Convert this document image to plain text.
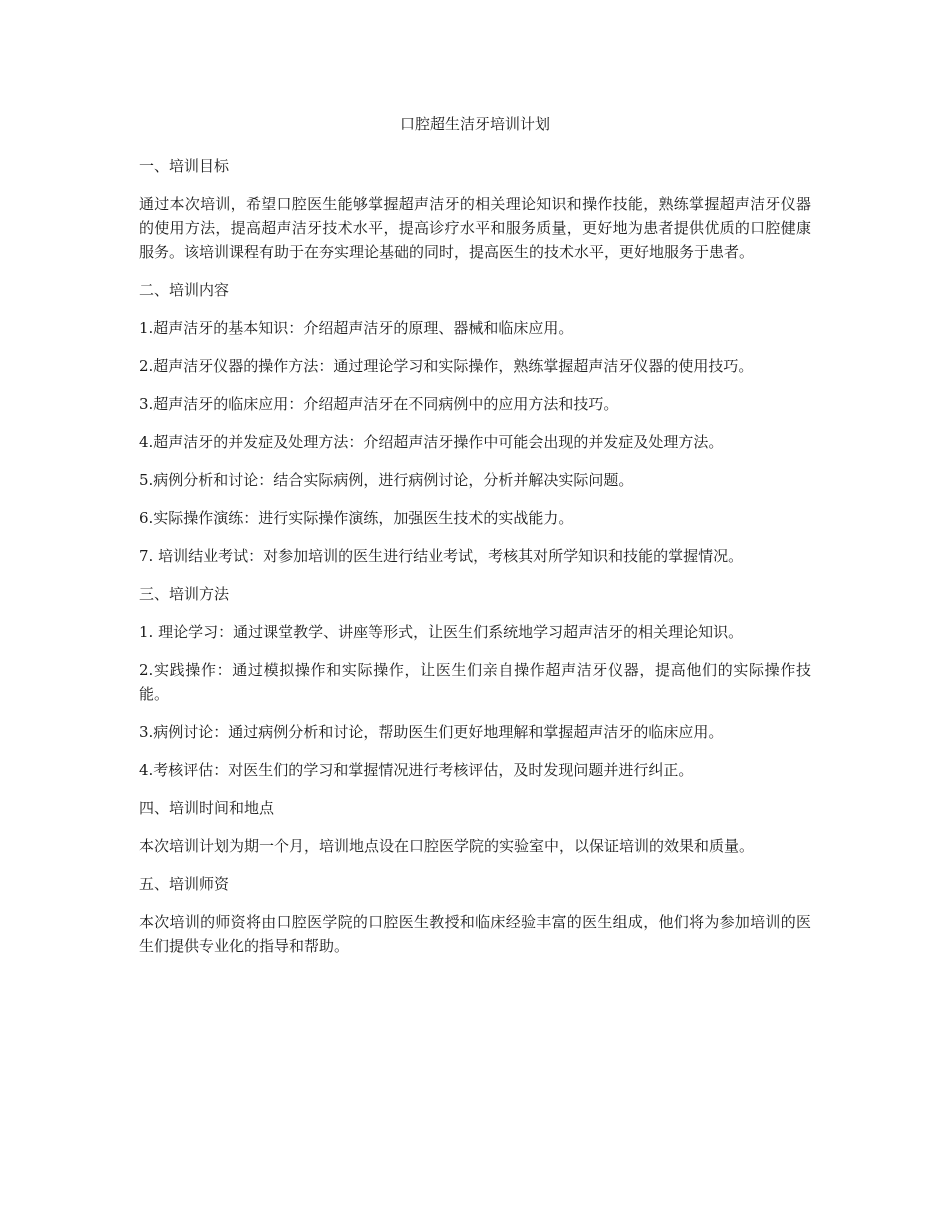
口腔超生洁牙培训计划
一、培训目标

通过本次培训，希望口腔医生能够掌握超声洁牙的相关理论知识和操作技能，熟练掌握超声洁牙仪器的使用方法，提高超声洁牙技术水平，提高诊疗水平和服务质量，更好地为患者提供优质的口腔健康服务。该培训课程有助于在夯实理论基础的同时，提高医生的技术水平，更好地服务于患者。

二、培训内容

1.超声洁牙的基本知识：介绍超声洁牙的原理、器械和临床应用。

2.超声洁牙仪器的操作方法：通过理论学习和实际操作，熟练掌握超声洁牙仪器的使用技巧。

3.超声洁牙的临床应用：介绍超声洁牙在不同病例中的应用方法和技巧。

4.超声洁牙的并发症及处理方法：介绍超声洁牙操作中可能会出现的并发症及处理方法。

5.病例分析和讨论：结合实际病例，进行病例讨论，分析并解决实际问题。

6.实际操作演练：进行实际操作演练，加强医生技术的实战能力。

7. 培训结业考试：对参加培训的医生进行结业考试，考核其对所学知识和技能的掌握情况。

三、培训方法

1. 理论学习：通过课堂教学、讲座等形式，让医生们系统地学习超声洁牙的相关理论知识。

2.实践操作：通过模拟操作和实际操作，让医生们亲自操作超声洁牙仪器，提高他们的实际操作技能。

3.病例讨论：通过病例分析和讨论，帮助医生们更好地理解和掌握超声洁牙的临床应用。

4.考核评估：对医生们的学习和掌握情况进行考核评估，及时发现问题并进行纠正。

四、培训时间和地点

本次培训计划为期一个月，培训地点设在口腔医学院的实验室中，以保证培训的效果和质量。

五、培训师资

本次培训的师资将由口腔医学院的口腔医生教授和临床经验丰富的医生组成，他们将为参加培训的医生们提供专业化的指导和帮助。
